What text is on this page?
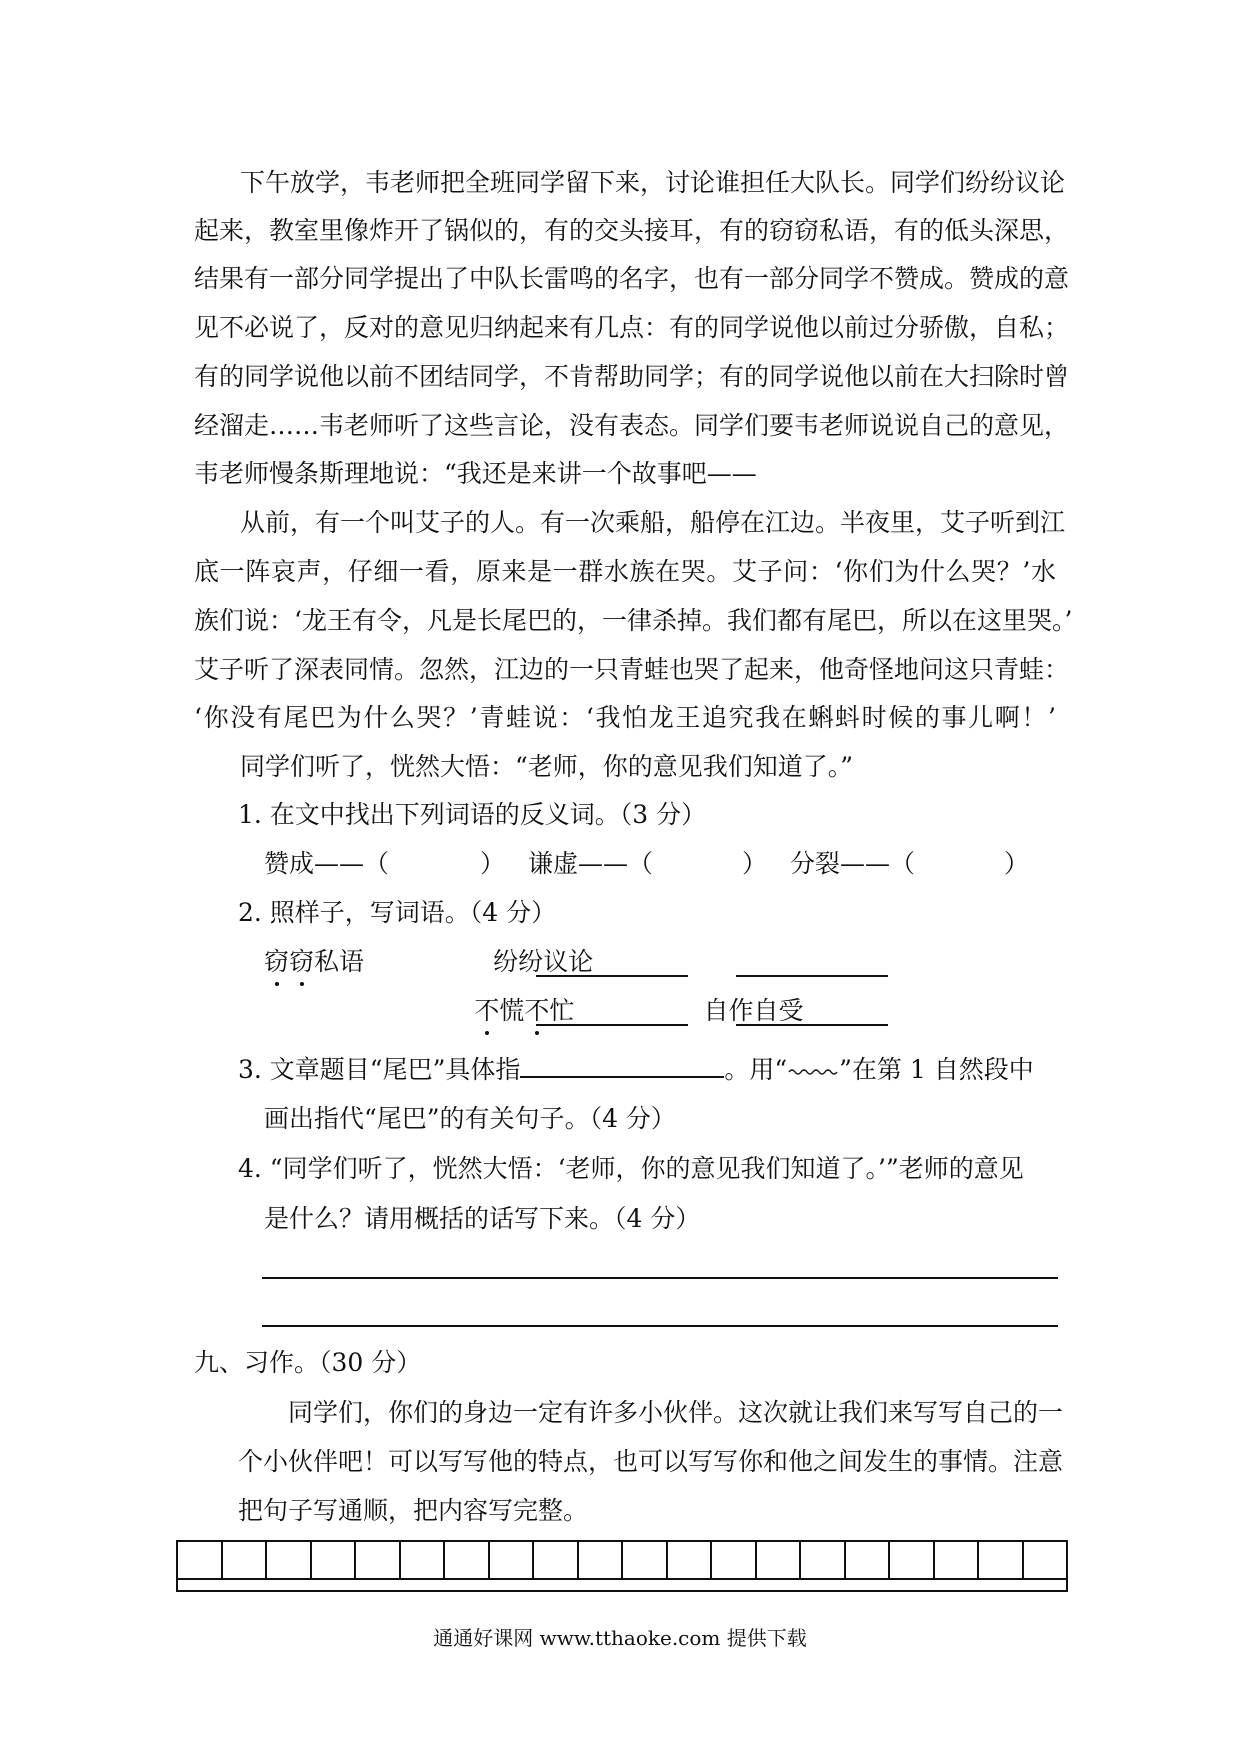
下午放学，韦老师把全班同学留下来，讨论谁担任大队长。同学们纷纷议论
起来，教室里像炸开了锅似的，有的交头接耳，有的窃窃私语，有的低头深思，
结果有一部分同学提出了中队长雷鸣的名字，也有一部分同学不赞成。赞成的意
见不必说了，反对的意见归纳起来有几点：有的同学说他以前过分骄傲，自私；
有的同学说他以前不团结同学，不肯帮助同学；有的同学说他以前在大扫除时曾
经溜走……韦老师听了这些言论，没有表态。同学们要韦老师说说自己的意见，
韦老师慢条斯理地说：“我还是来讲一个故事吧——
从前，有一个叫艾子的人。有一次乘船，船停在江边。半夜里，艾子听到江
底一阵哀声，仔细一看，原来是一群水族在哭。艾子问：‘你们为什么哭？’水
族们说：‘龙王有令，凡是长尾巴的，一律杀掉。我们都有尾巴，所以在这里哭。’
艾子听了深表同情。忽然，江边的一只青蛙也哭了起来，他奇怪地问这只青蛙：
‘你没有尾巴为什么哭？’青蛙说：‘我怕龙王追究我在蝌蚪时候的事儿啊！’
同学们听了，恍然大悟：“老师，你的意见我们知道了。”
1. 在文中找出下列词语的反义词。（3 分）
赞成——（	） 谦虚——（	） 分裂——（	）
2. 照样子，写词语。（4 分）
窃窃私语	纷纷议论
不慌不忙	自作自受
3. 文章题目“尾巴”具体指	。用“ ”在第 1 自然段中
画出指代“尾巴”的有关句子。（4 分）
4. “同学们听了，恍然大悟：‘老师，你的意见我们知道了。’”老师的意见
是什么？请用概括的话写下来。（4 分）
九、习作。（30 分）
同学们，你们的身边一定有许多小伙伴。这次就让我们来写写自己的一
个小伙伴吧！可以写写他的特点，也可以写写你和他之间发生的事情。注意
把句子写通顺，把内容写完整。
通通好课网 www.tthaoke.com 提供下载
